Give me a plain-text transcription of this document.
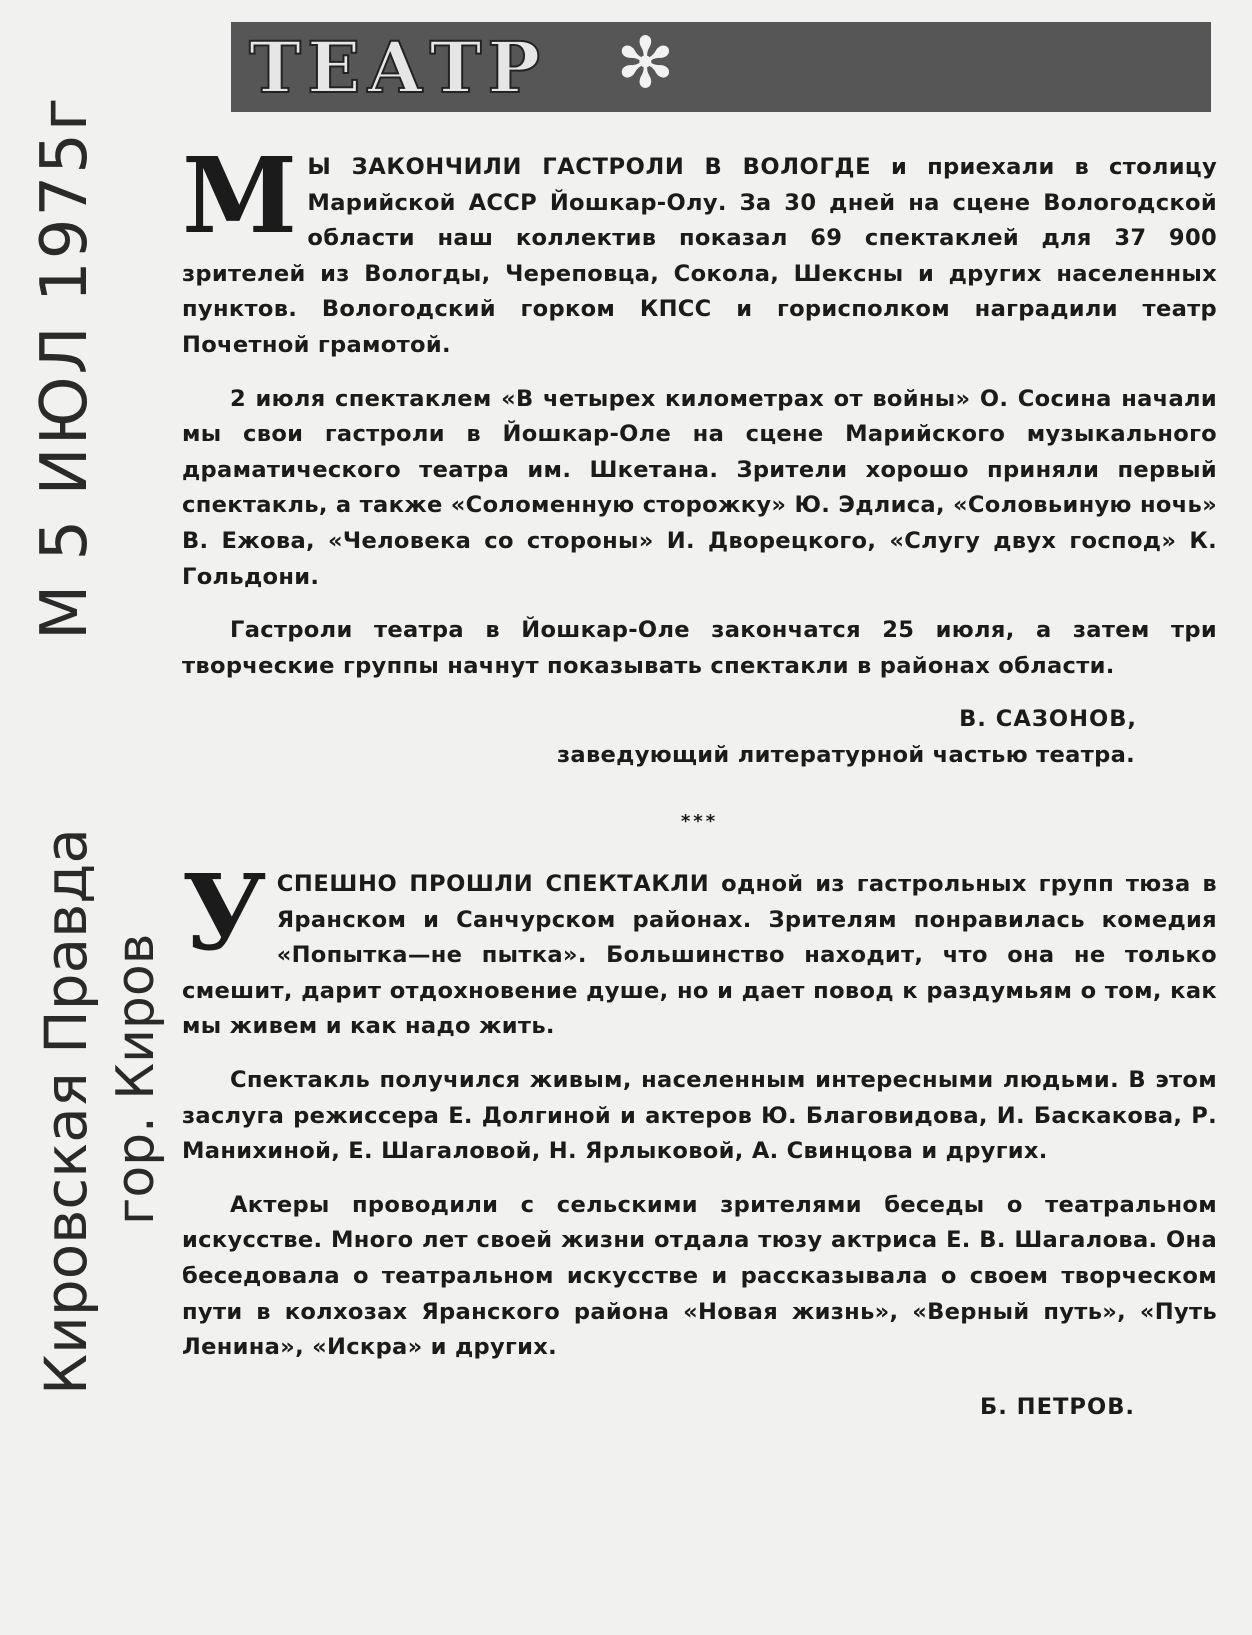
М 5 ИЮЛ 1975г
Кировская Правда гор. Киров
ТЕАТР ✻

М Ы ЗАКОНЧИЛИ ГАСТРОЛИ В ВОЛОГДЕ и приехали в столицу Марийской АССР Йошкар-Олу. За 30 дней на сцене Вологодской области наш коллектив показал 69 спектаклей для 37 900 зрителей из Вологды, Череповца, Сокола, Шексны и других населенных пунктов. Вологодский горком КПСС и горисполком наградили театр Почетной грамотой.

2 июля спектаклем «В четырех километрах от войны» О. Сосина начали мы свои гастроли в Йошкар-Оле на сцене Марийского музыкального драматического театра им. Шкетана. Зрители хорошо приняли первый спектакль, а также «Соломенную сторожку» Ю. Эдлиса, «Соловьиную ночь» В. Ежова, «Человека со стороны» И. Дворецкого, «Слугу двух господ» К. Гольдони.

Гастроли театра в Йошкар-Оле закончатся 25 июля, а затем три творческие группы начнут показывать спектакли в районах области.

В. САЗОНОВ,
заведующий литературной частью театра.

***

УСПЕШНО ПРОШЛИ СПЕКТАКЛИ одной из гастрольных групп тюза в Яранском и Санчурском районах. Зрителям понравилась комедия «Попытка—не пытка». Большинство находит, что она не только смешит, дарит отдохновение душе, но и дает повод к раздумьям о том, как мы живем и как надо жить.

Спектакль получился живым, населенным интересными людьми. В этом заслуга режиссера Е. Долгиной и актеров Ю. Благовидова, И. Баскакова, Р. Манихиной, Е. Шагаловой, Н. Ярлыковой, А. Свинцова и других.

Актеры проводили с сельскими зрителями беседы о театральном искусстве. Много лет своей жизни отдала тюзу актриса Е. В. Шагалова. Она беседовала о театральном искусстве и рассказывала о своем творческом пути в колхозах Яранского района «Новая жизнь», «Верный путь», «Путь Ленина», «Искра» и других.

Б. ПЕТРОВ.
